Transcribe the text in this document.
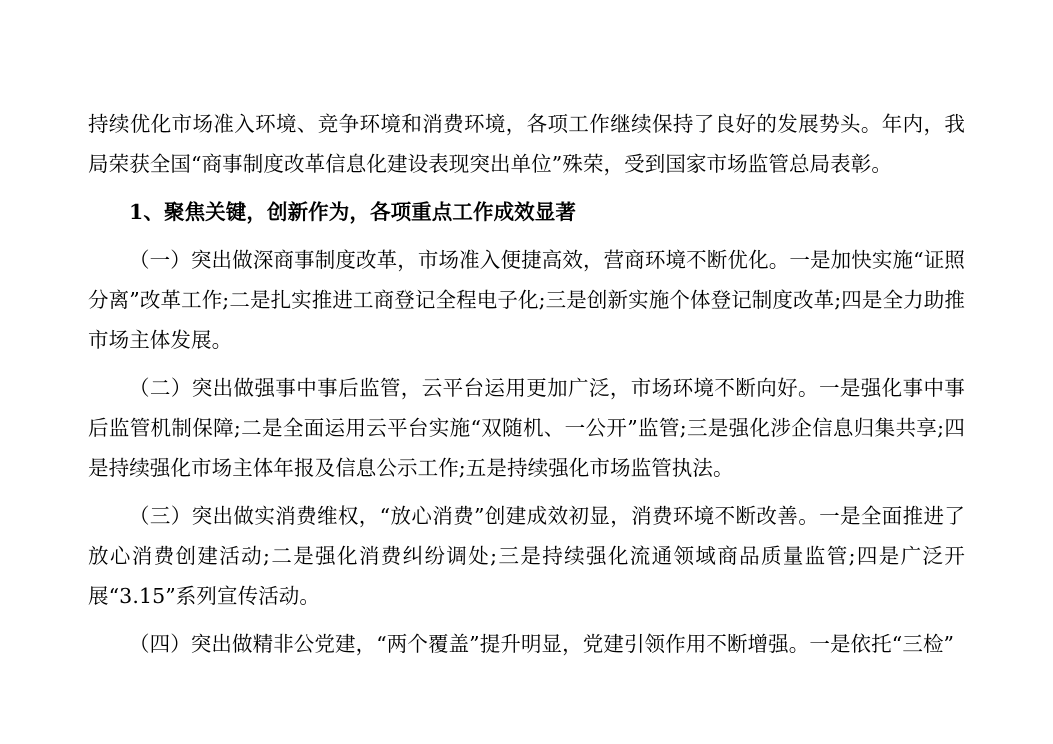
持续优化市场准入环境、竞争环境和消费环境，各项工作继续保持了良好的发展势头。年内，我局荣获全国“商事制度改革信息化建设表现突出单位”殊荣，受到国家市场监管总局表彰。

1、聚焦关键，创新作为，各项重点工作成效显著

（一）突出做深商事制度改革，市场准入便捷高效，营商环境不断优化。一是加快实施“证照分离”改革工作;二是扎实推进工商登记全程电子化;三是创新实施个体登记制度改革;四是全力助推市场主体发展。

（二）突出做强事中事后监管，云平台运用更加广泛，市场环境不断向好。一是强化事中事后监管机制保障;二是全面运用云平台实施“双随机、一公开”监管;三是强化涉企信息归集共享;四是持续强化市场主体年报及信息公示工作;五是持续强化市场监管执法。

（三）突出做实消费维权，“放心消费”创建成效初显，消费环境不断改善。一是全面推进了放心消费创建活动;二是强化消费纠纷调处;三是持续强化流通领域商品质量监管;四是广泛开展“3.15”系列宣传活动。

（四）突出做精非公党建，“两个覆盖”提升明显，党建引领作用不断增强。一是依托“三检”
